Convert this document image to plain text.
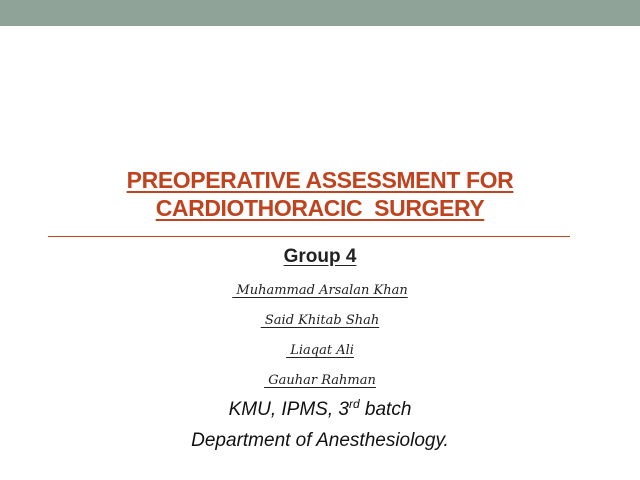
PREOPERATIVE ASSESSMENT FOR
CARDIOTHORACIC  SURGERY
Group 4
Muhammad Arsalan Khan
Said Khitab Shah
Liaqat Ali
Gauhar Rahman
KMU, IPMS, 3rd batch
Department of Anesthesiology.
